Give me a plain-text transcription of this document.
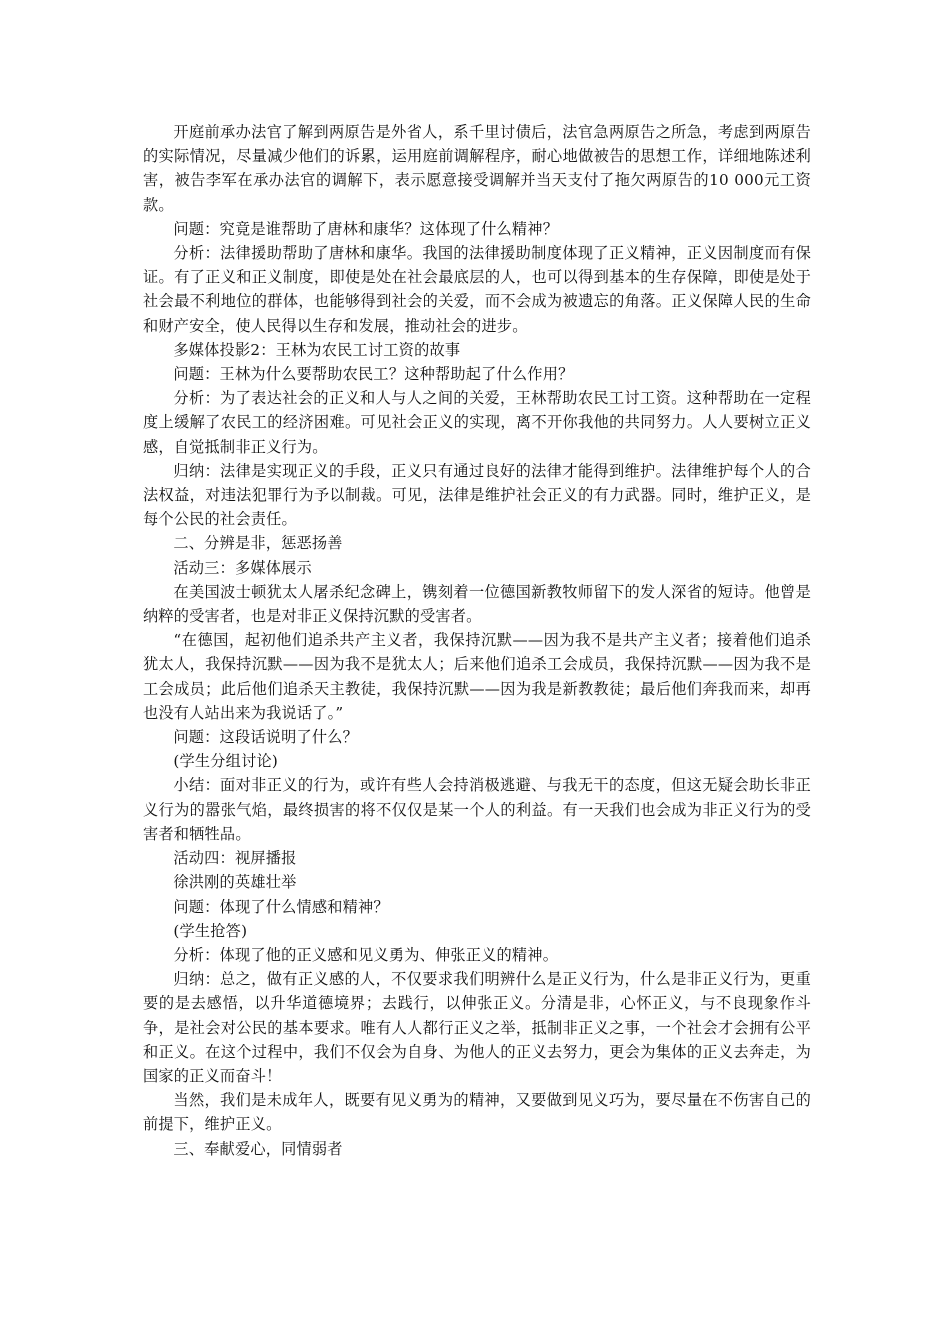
开庭前承办法官了解到两原告是外省人，系千里讨债后，法官急两原告之所急，考虑到两原告的实际情况，尽量减少他们的诉累，运用庭前调解程序，耐心地做被告的思想工作，详细地陈述利害，被告李军在承办法官的调解下，表示愿意接受调解并当天支付了拖欠两原告的10 000元工资款。

问题：究竟是谁帮助了唐林和康华？这体现了什么精神？

分析：法律援助帮助了唐林和康华。我国的法律援助制度体现了正义精神，正义因制度而有保证。有了正义和正义制度，即使是处在社会最底层的人，也可以得到基本的生存保障，即使是处于社会最不利地位的群体，也能够得到社会的关爱，而不会成为被遗忘的角落。正义保障人民的生命和财产安全，使人民得以生存和发展，推动社会的进步。

多媒体投影2：王林为农民工讨工资的故事

问题：王林为什么要帮助农民工？这种帮助起了什么作用？

分析：为了表达社会的正义和人与人之间的关爱，王林帮助农民工讨工资。这种帮助在一定程度上缓解了农民工的经济困难。可见社会正义的实现，离不开你我他的共同努力。人人要树立正义感，自觉抵制非正义行为。

归纳：法律是实现正义的手段，正义只有通过良好的法律才能得到维护。法律维护每个人的合法权益，对违法犯罪行为予以制裁。可见，法律是维护社会正义的有力武器。同时，维护正义，是每个公民的社会责任。

二、分辨是非，惩恶扬善

活动三：多媒体展示

在美国波士顿犹太人屠杀纪念碑上，镌刻着一位德国新教牧师留下的发人深省的短诗。他曾是纳粹的受害者，也是对非正义保持沉默的受害者。

“在德国，起初他们追杀共产主义者，我保持沉默——因为我不是共产主义者；接着他们追杀犹太人，我保持沉默——因为我不是犹太人；后来他们追杀工会成员，我保持沉默——因为我不是工会成员；此后他们追杀天主教徒，我保持沉默——因为我是新教教徒；最后他们奔我而来，却再也没有人站出来为我说话了。”

问题：这段话说明了什么？

(学生分组讨论)

小结：面对非正义的行为，或许有些人会持消极逃避、与我无干的态度，但这无疑会助长非正义行为的嚣张气焰，最终损害的将不仅仅是某一个人的利益。有一天我们也会成为非正义行为的受害者和牺牲品。

活动四：视屏播报

徐洪刚的英雄壮举

问题：体现了什么情感和精神？

(学生抢答)

分析：体现了他的正义感和见义勇为、伸张正义的精神。

归纳：总之，做有正义感的人，不仅要求我们明辨什么是正义行为，什么是非正义行为，更重要的是去感悟，以升华道德境界；去践行，以伸张正义。分清是非，心怀正义，与不良现象作斗争，是社会对公民的基本要求。唯有人人都行正义之举，抵制非正义之事，一个社会才会拥有公平和正义。在这个过程中，我们不仅会为自身、为他人的正义去努力，更会为集体的正义去奔走，为国家的正义而奋斗！

当然，我们是未成年人，既要有见义勇为的精神，又要做到见义巧为，要尽量在不伤害自己的前提下，维护正义。

三、奉献爱心，同情弱者
